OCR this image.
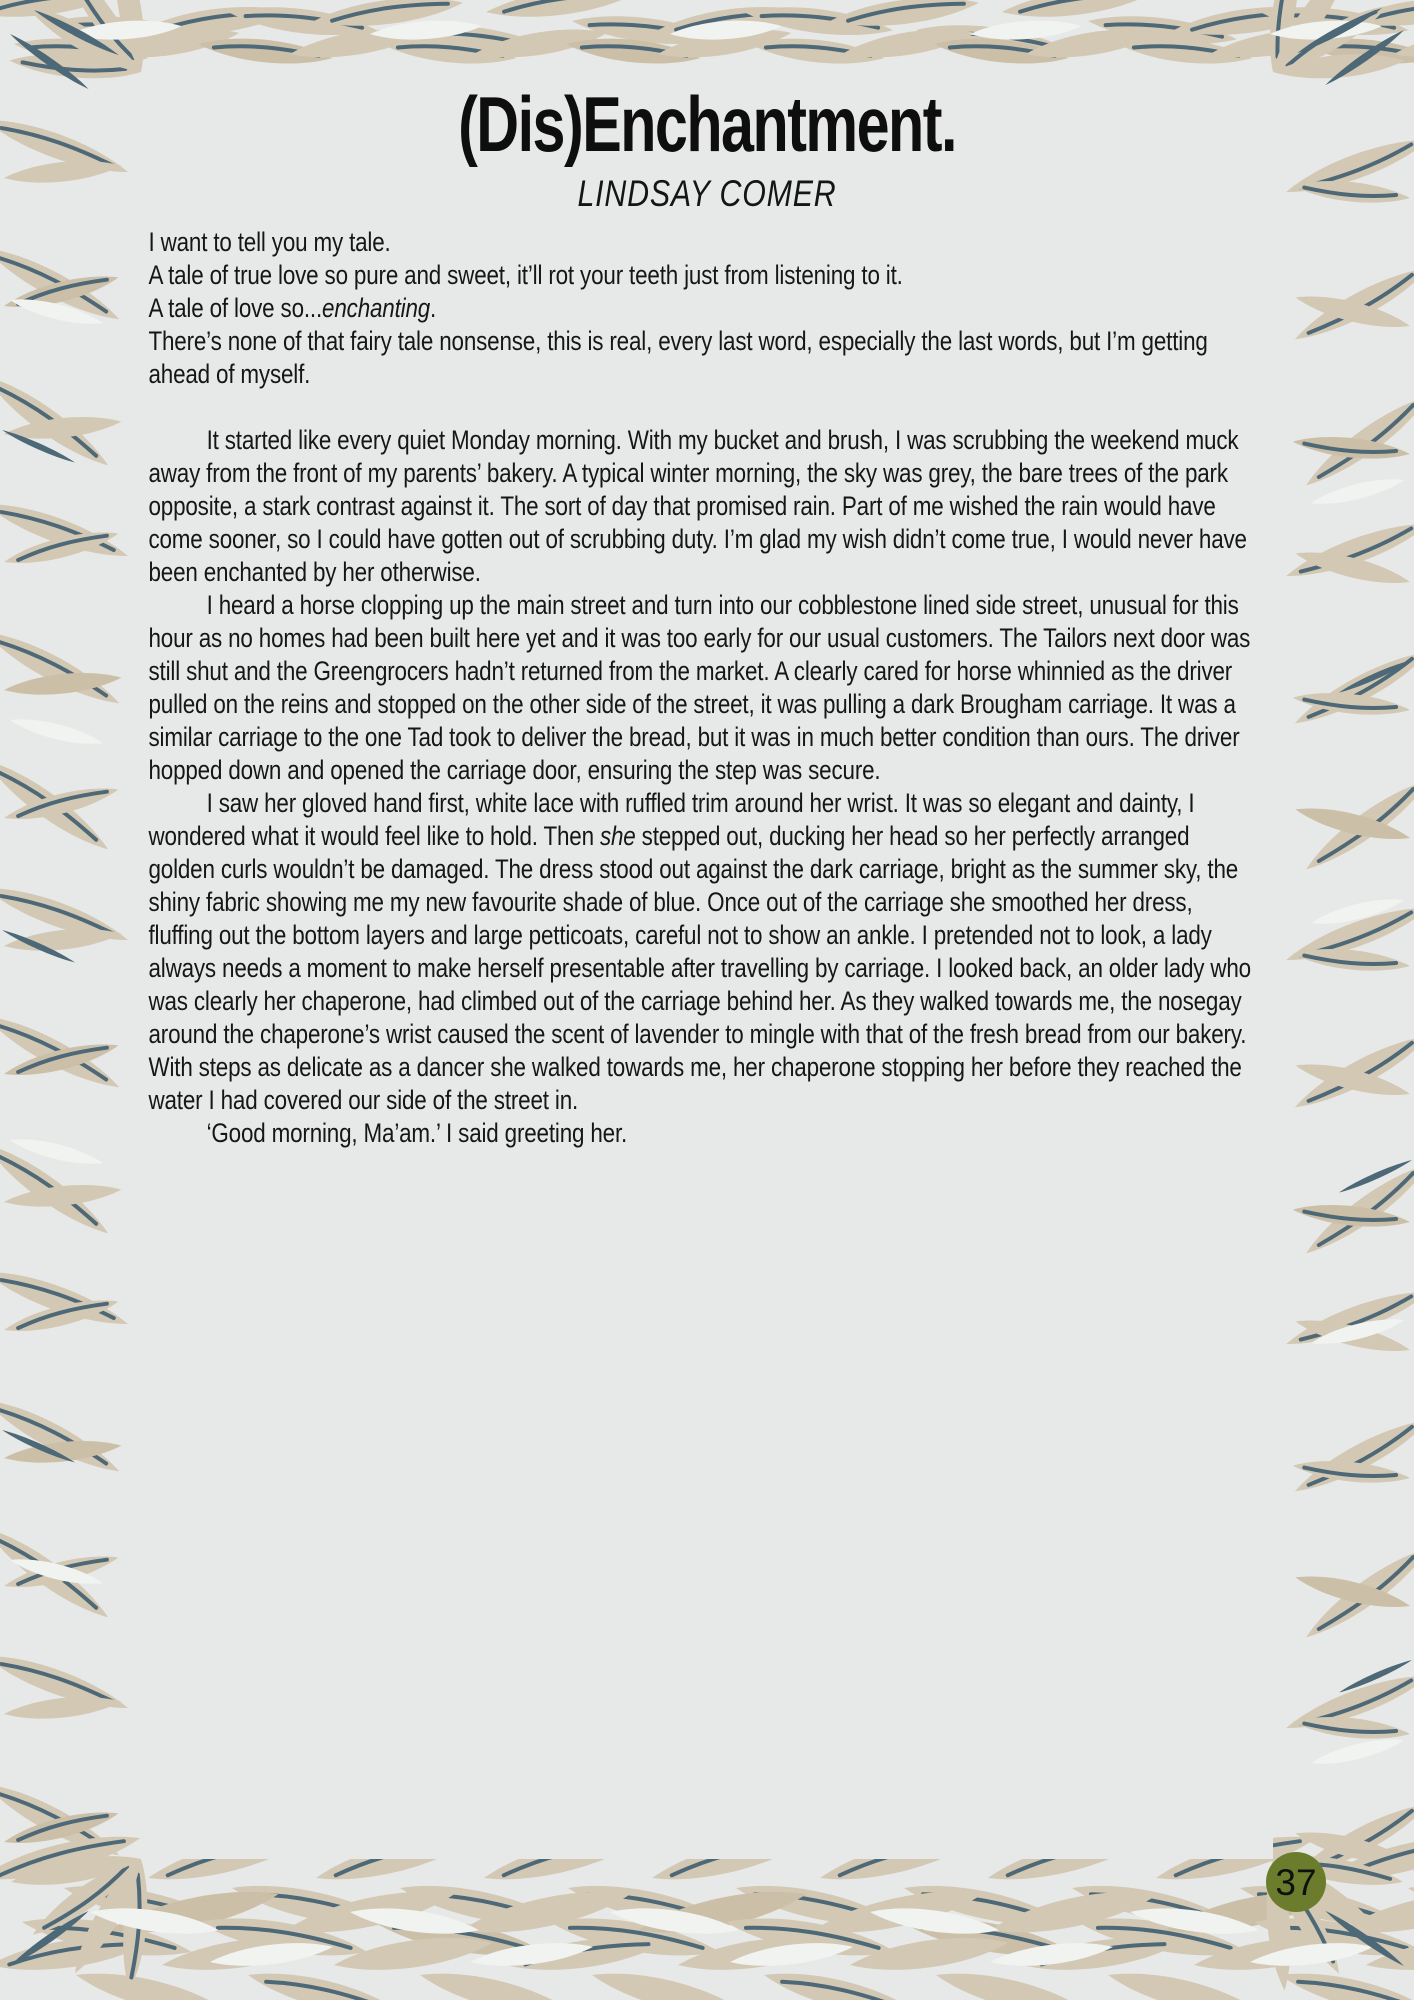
(Dis)Enchantment.
LINDSAY COMER

I want to tell you my tale.

A tale of true love so pure and sweet, it’ll rot your teeth just from listening to it.

A tale of love so...enchanting.

There’s none of that fairy tale nonsense, this is real, every last word, especially the last words, but I’m getting ahead of myself.

It started like every quiet Monday morning. With my bucket and brush, I was scrubbing the weekend muck away from the front of my parents’ bakery. A typical winter morning, the sky was grey, the bare trees of the park opposite, a stark contrast against it. The sort of day that promised rain. Part of me wished the rain would have come sooner, so I could have gotten out of scrubbing duty. I’m glad my wish didn’t come true, I would never have been enchanted by her otherwise.

I heard a horse clopping up the main street and turn into our cobblestone lined side street, unusual for this hour as no homes had been built here yet and it was too early for our usual customers. The Tailors next door was still shut and the Greengrocers hadn’t returned from the market. A clearly cared for horse whinnied as the driver pulled on the reins and stopped on the other side of the street, it was pulling a dark Brougham carriage. It was a similar carriage to the one Tad took to deliver the bread, but it was in much better condition than ours. The driver hopped down and opened the carriage door, ensuring the step was secure.

I saw her gloved hand first, white lace with ruffled trim around her wrist. It was so elegant and dainty, I wondered what it would feel like to hold. Then she stepped out, ducking her head so her perfectly arranged golden curls wouldn’t be damaged. The dress stood out against the dark carriage, bright as the summer sky, the shiny fabric showing me my new favourite shade of blue. Once out of the carriage she smoothed her dress, fluffing out the bottom layers and large petticoats, careful not to show an ankle. I pretended not to look, a lady always needs a moment to make herself presentable after travelling by carriage. I looked back, an older lady who was clearly her chaperone, had climbed out of the carriage behind her. As they walked towards me, the nosegay around the chaperone’s wrist caused the scent of lavender to mingle with that of the fresh bread from our bakery. With steps as delicate as a dancer she walked towards me, her chaperone stopping her before they reached the water I had covered our side of the street in.

‘Good morning, Ma’am.’ I said greeting her.

37
